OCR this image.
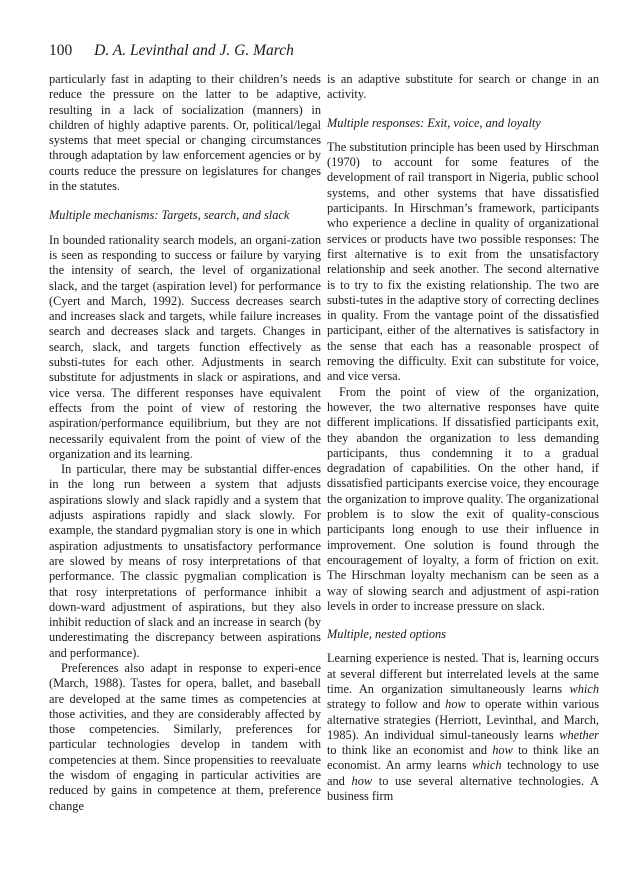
100 D. A. Levinthal and J. G. March

particularly fast in adapting to their children’s needs reduce the pressure on the latter to be adaptive, resulting in a lack of socialization (manners) in children of highly adaptive parents. Or, political/legal systems that meet special or changing circumstances through adaptation by law enforcement agencies or by courts reduce the pressure on legislatures for changes in the statutes.

Multiple mechanisms: Targets, search, and slack

In bounded rationality search models, an organi-zation is seen as responding to success or failure by varying the intensity of search, the level of organizational slack, and the target (aspiration level) for performance (Cyert and March, 1992). Success decreases search and increases slack and targets, while failure increases search and decreases slack and targets. Changes in search, slack, and targets function effectively as substi-tutes for each other. Adjustments in search substitute for adjustments in slack or aspirations, and vice versa. The different responses have equivalent effects from the point of view of restoring the aspiration/performance equilibrium, but they are not necessarily equivalent from the point of view of the organization and its learning.

In particular, there may be substantial differ-ences in the long run between a system that adjusts aspirations slowly and slack rapidly and a system that adjusts aspirations rapidly and slack slowly. For example, the standard pygmalian story is one in which aspiration adjustments to unsatisfactory performance are slowed by means of rosy interpretations of that performance. The classic pygmalian complication is that rosy interpretations of performance inhibit a down-ward adjustment of aspirations, but they also inhibit reduction of slack and an increase in search (by underestimating the discrepancy between aspirations and performance).

Preferences also adapt in response to experi-ence (March, 1988). Tastes for opera, ballet, and baseball are developed at the same times as competencies at those activities, and they are considerably affected by those competencies. Similarly, preferences for particular technologies develop in tandem with competencies at them. Since propensities to reevaluate the wisdom of engaging in particular activities are reduced by gains in competence at them, preference change

is an adaptive substitute for search or change in an activity.

Multiple responses: Exit, voice, and loyalty

The substitution principle has been used by Hirschman (1970) to account for some features of the development of rail transport in Nigeria, public school systems, and other systems that have dissatisfied participants. In Hirschman’s framework, participants who experience a decline in quality of organizational services or products have two possible responses: The first alternative is to exit from the unsatisfactory relationship and seek another. The second alternative is to try to fix the existing relationship. The two are substi-tutes in the adaptive story of correcting declines in quality. From the vantage point of the dissatisfied participant, either of the alternatives is satisfactory in the sense that each has a reasonable prospect of removing the difficulty. Exit can substitute for voice, and vice versa.

From the point of view of the organization, however, the two alternative responses have quite different implications. If dissatisfied participants exit, they abandon the organization to less demanding participants, thus condemning it to a gradual degradation of capabilities. On the other hand, if dissatisfied participants exercise voice, they encourage the organization to improve quality. The organizational problem is to slow the exit of quality-conscious participants long enough to use their influence in improvement. One solution is found through the encouragement of loyalty, a form of friction on exit. The Hirschman loyalty mechanism can be seen as a way of slowing search and adjustment of aspi-ration levels in order to increase pressure on slack.

Multiple, nested options

Learning experience is nested. That is, learning occurs at several different but interrelated levels at the same time. An organization simultaneously learns which strategy to follow and how to operate within various alternative strategies (Herriott, Levinthal, and March, 1985). An individual simul-taneously learns whether to think like an economist and how to think like an economist. An army learns which technology to use and how to use several alternative technologies. A business firm
